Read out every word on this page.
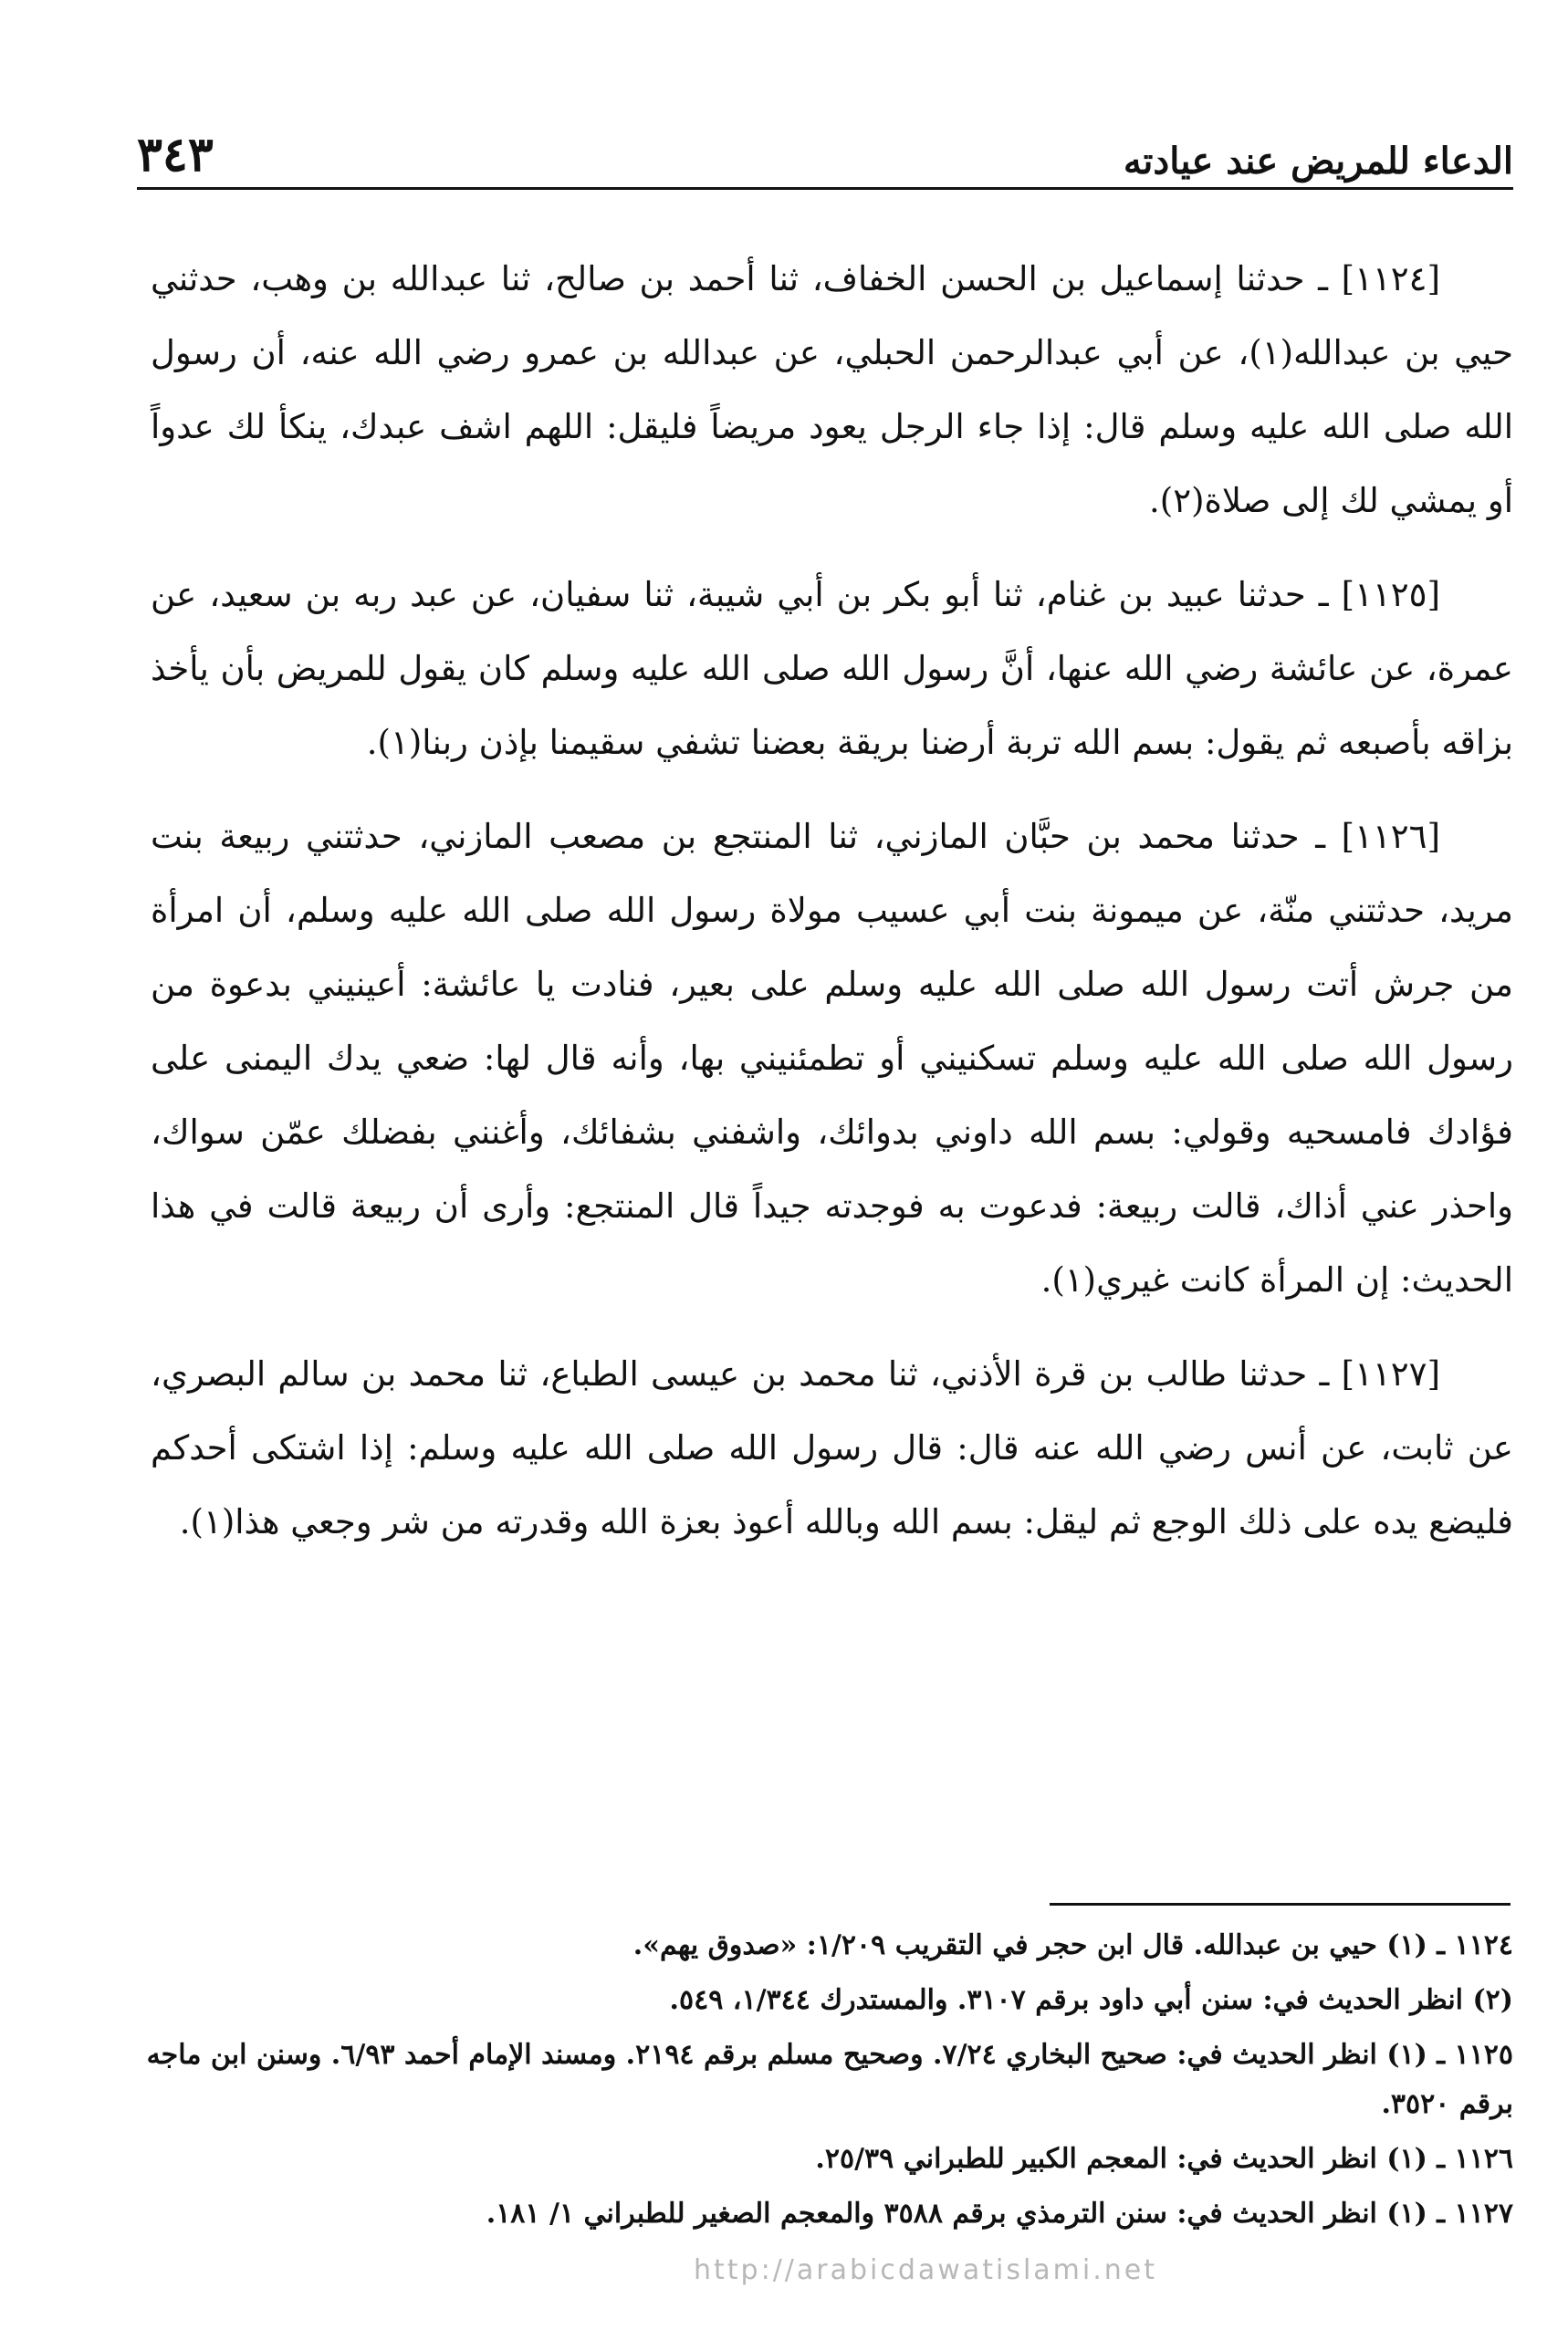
٣٤٣	الدعاء للمريض عند عيادته

[١١٢٤] ـ حدثنا إسماعيل بن الحسن الخفاف، ثنا أحمد بن صالح، ثنا عبدالله بن وهب، حدثني حيي بن عبدالله(١)، عن أبي عبدالرحمن الحبلي، عن عبدالله بن عمرو رضي الله عنه، أن رسول الله صلى الله عليه وسلم قال: إذا جاء الرجل يعود مريضاً فليقل: اللهم اشف عبدك، ينكأ لك عدواً أو يمشي لك إلى صلاة(٢).

[١١٢٥] ـ حدثنا عبيد بن غنام، ثنا أبو بكر بن أبي شيبة، ثنا سفيان، عن عبد ربه بن سعيد، عن عمرة، عن عائشة رضي الله عنها، أنَّ رسول الله صلى الله عليه وسلم كان يقول للمريض بأن يأخذ بزاقه بأصبعه ثم يقول: بسم الله تربة أرضنا بريقة بعضنا تشفي سقيمنا بإذن ربنا(١).

[١١٢٦] ـ حدثنا محمد بن حبَّان المازني، ثنا المنتجع بن مصعب المازني، حدثتني ربيعة بنت مريد، حدثتني منّة، عن ميمونة بنت أبي عسيب مولاة رسول الله صلى الله عليه وسلم، أن امرأة من جرش أتت رسول الله صلى الله عليه وسلم على بعير، فنادت يا عائشة: أعينيني بدعوة من رسول الله صلى الله عليه وسلم تسكنيني أو تطمئنيني بها، وأنه قال لها: ضعي يدك اليمنى على فؤادك فامسحيه وقولي: بسم الله داوني بدوائك، واشفني بشفائك، وأغنني بفضلك عمّن سواك، واحذر عني أذاك، قالت ربيعة: فدعوت به فوجدته جيداً قال المنتجع: وأرى أن ربيعة قالت في هذا الحديث: إن المرأة كانت غيري(١).

[١١٢٧] ـ حدثنا طالب بن قرة الأذني، ثنا محمد بن عيسى الطباع، ثنا محمد بن سالم البصري، عن ثابت، عن أنس رضي الله عنه قال: قال رسول الله صلى الله عليه وسلم: إذا اشتكى أحدكم فليضع يده على ذلك الوجع ثم ليقل: بسم الله وبالله أعوذ بعزة الله وقدرته من شر وجعي هذا(١).

١١٢٤ ـ (١) حيي بن عبدالله. قال ابن حجر في التقريب ١/٢٠٩: «صدوق يهم».

(٢) انظر الحديث في: سنن أبي داود برقم ٣١٠٧. والمستدرك ١/٣٤٤، ٥٤٩.

١١٢٥ ـ (١) انظر الحديث في: صحيح البخاري ٧/٢٤. وصحيح مسلم برقم ٢١٩٤. ومسند الإمام أحمد ٦/٩٣. وسنن ابن ماجه برقم ٣٥٢٠.

١١٢٦ ـ (١) انظر الحديث في: المعجم الكبير للطبراني ٢٥/٣٩.

١١٢٧ ـ (١) انظر الحديث في: سنن الترمذي برقم ٣٥٨٨ والمعجم الصغير للطبراني ١/ ١٨١.

http://arabicdawatislami.net
